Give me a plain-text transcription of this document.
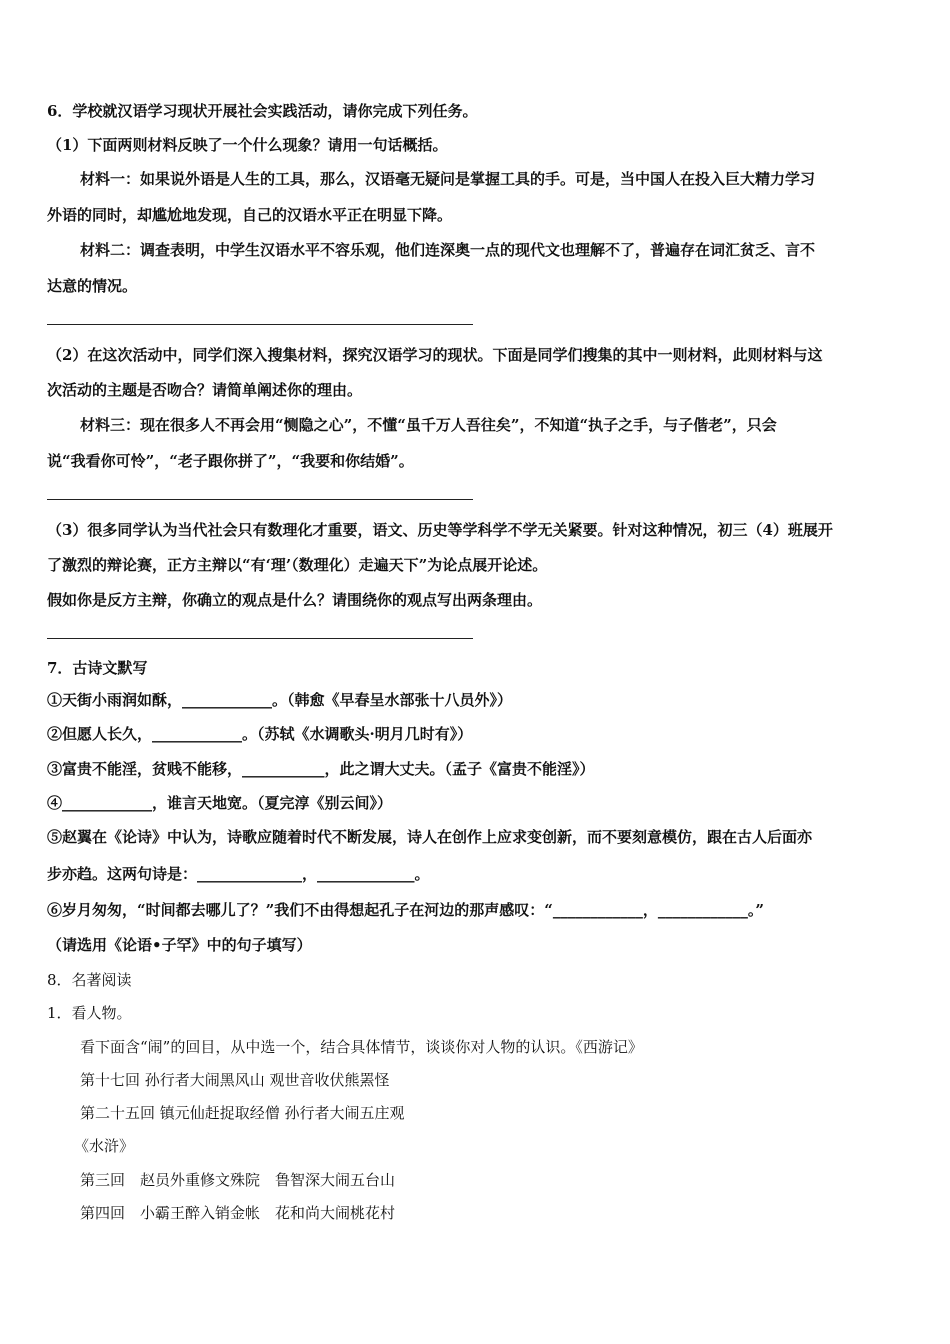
6．学校就汉语学习现状开展社会实践活动，请你完成下列任务。
（1）下面两则材料反映了一个什么现象？请用一句话概括。
材料一：如果说外语是人生的工具，那么，汉语毫无疑问是掌握工具的手。可是，当中国人在投入巨大精力学习
外语的同时，却尴尬地发现，自己的汉语水平正在明显下降。
材料二：调查表明，中学生汉语水平不容乐观，他们连深奥一点的现代文也理解不了，普遍存在词汇贫乏、言不
达意的情况。
（2）在这次活动中，同学们深入搜集材料，探究汉语学习的现状。下面是同学们搜集的其中一则材料，此则材料与这
次活动的主题是否吻合？请简单阐述你的理由。
材料三：现在很多人不再会用“恻隐之心”，不懂“虽千万人吾往矣”，不知道“执子之手，与子偕老”，只会
说“我看你可怜”，“老子跟你拼了”，“我要和你结婚”。
（3）很多同学认为当代社会只有数理化才重要，语文、历史等学科学不学无关紧要。针对这种情况，初三（4）班展开
了激烈的辩论赛，正方主辩以“有‘理’（数理化）走遍天下”为论点展开论述。
假如你是反方主辩，你确立的观点是什么？请围绕你的观点写出两条理由。
7．古诗文默写
①天街小雨润如酥，____________。（韩愈《早春呈水部张十八员外》）
②但愿人长久，____________。（苏轼《水调歌头·明月几时有》）
③富贵不能淫，贫贱不能移，___________，此之谓大丈夫。（孟子《富贵不能淫》）
④____________，谁言天地宽。（夏完淳《别云间》）
⑤赵翼在《论诗》中认为，诗歌应随着时代不断发展，诗人在创作上应求变创新，而不要刻意模仿，跟在古人后面亦
步亦趋。这两句诗是：______________，_____________。
⑥岁月匆匆，“时间都去哪儿了？”我们不由得想起孔子在河边的那声感叹：“____________，____________。”
（请选用《论语•子罕》中的句子填写）
8．名著阅读
1．看人物。
看下面含“闹”的回目，从中选一个，结合具体情节，谈谈你对人物的认识。《西游记》
第十七回 孙行者大闹黑风山 观世音收伏熊罴怪
第二十五回 镇元仙赶捉取经僧 孙行者大闹五庄观
《水浒》
第三回　赵员外重修文殊院　鲁智深大闹五台山
第四回　小霸王醉入销金帐　花和尚大闹桃花村
